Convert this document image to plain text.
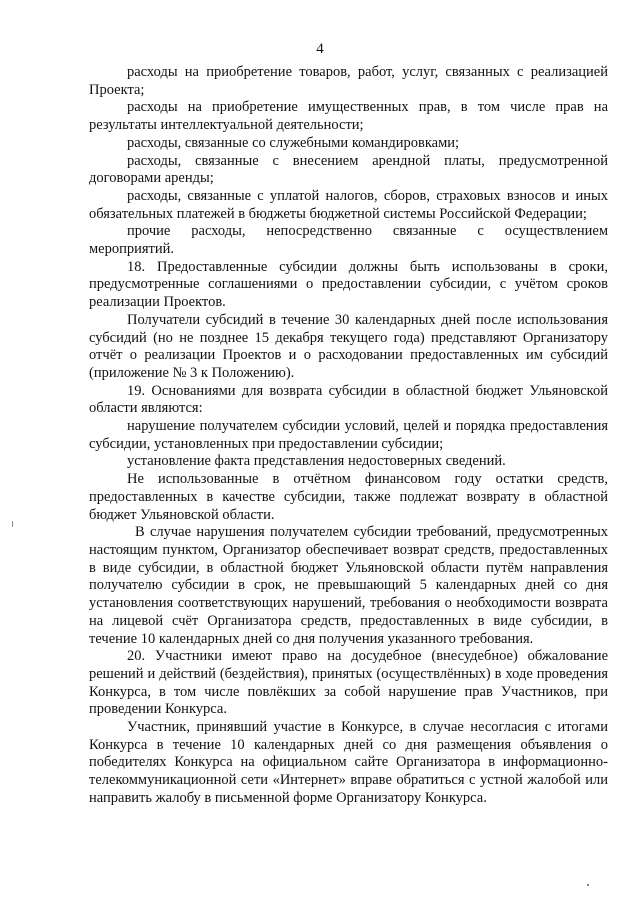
4

расходы на приобретение товаров, работ, услуг, связанных с реализацией Проекта;

расходы на приобретение имущественных прав, в том числе прав на результаты интеллектуальной деятельности;

расходы, связанные со служебными командировками;

расходы, связанные с внесением арендной платы, предусмотренной договорами аренды;

расходы, связанные с уплатой налогов, сборов, страховых взносов и иных обязательных платежей в бюджеты бюджетной системы Российской Федерации;

прочие расходы, непосредственно связанные с осуществлением мероприятий.

18. Предоставленные субсидии должны быть использованы в сроки, предусмотренные соглашениями о предоставлении субсидии, с учётом сроков реализации Проектов.

Получатели субсидий в течение 30 календарных дней после использования субсидий (но не позднее 15 декабря текущего года) представляют Организатору отчёт о реализации Проектов и о расходовании предоставленных им субсидий (приложение № 3 к Положению).

19. Основаниями для возврата субсидии в областной бюджет Ульяновской области являются:

нарушение получателем субсидии условий, целей и порядка предоставления субсидии, установленных при предоставлении субсидии;

установление факта представления недостоверных сведений.

Не использованные в отчётном финансовом году остатки средств, предоставленных в качестве субсидии, также подлежат возврату в областной бюджет Ульяновской области.

В случае нарушения получателем субсидии требований, предусмотренных настоящим пунктом, Организатор обеспечивает возврат средств, предоставленных в виде субсидии, в областной бюджет Ульяновской области путём направления получателю субсидии в срок, не превышающий 5 календарных дней со дня установления соответствующих нарушений, требования о необходимости возврата на лицевой счёт Организатора средств, предоставленных в виде субсидии, в течение 10 календарных дней со дня получения указанного требования.

20. Участники имеют право на досудебное (внесудебное) обжалование решений и действий (бездействия), принятых (осуществлённых) в ходе проведения Конкурса, в том числе повлёкших за собой нарушение прав Участников, при проведении Конкурса.

Участник, принявший участие в Конкурсе, в случае несогласия с итогами Конкурса в течение 10 календарных дней со дня размещения объявления о победителях Конкурса на официальном сайте Организатора в информационно-телекоммуникационной сети «Интернет» вправе обратиться с устной жалобой или направить жалобу в письменной форме Организатору Конкурса.
